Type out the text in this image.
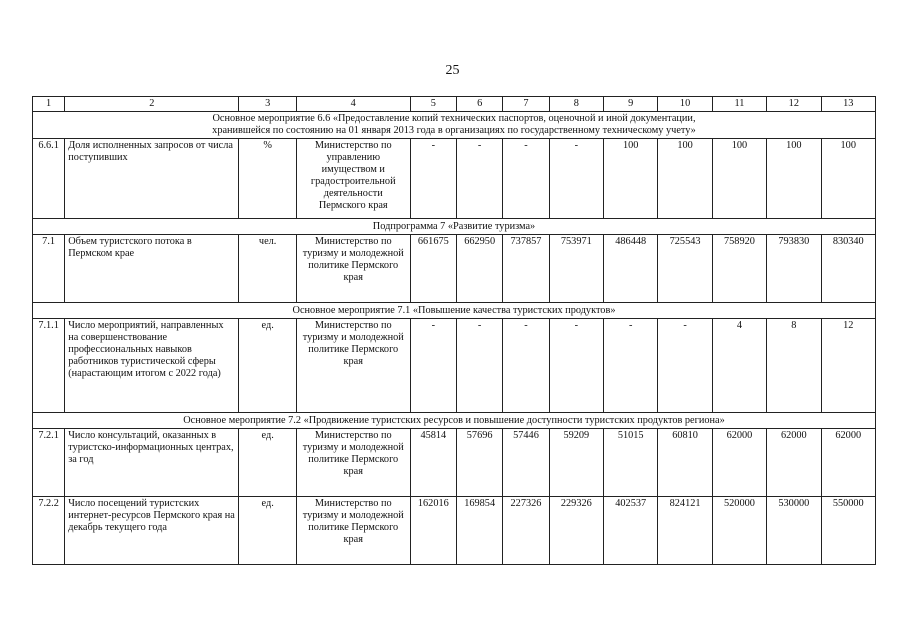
25
1	2	3	4	5	6	7	8	9	10	11	12	13
Основное мероприятие 6.6 «Предоставление копий технических паспортов, оценочной и иной документации, хранившейся по состоянию на 01 января 2013 года в организациях по государственному техническому учету»												
6.6.1	Доля исполненных запросов от числа поступивших	%	Министерство по управлению имуществом и градостроительной деятельности Пермского края	-	-	-	-	100	100	100	100	100
Подпрограмма 7 «Развитие туризма»												
7.1	Объем туристского потока в Пермском крае	чел.	Министерство по туризму и молодежной политике Пермского края	661675	662950	737857	753971	486448	725543	758920	793830	830340
Основное мероприятие 7.1 «Повышение качества туристских продуктов»												
7.1.1	Число мероприятий, направленных на совершенствование профессиональных навыков работников туристической сферы (нарастающим итогом с 2022 года)	ед.	Министерство по туризму и молодежной политике Пермского края	-	-	-	-	-	-	4	8	12
Основное мероприятие 7.2 «Продвижение туристских ресурсов и повышение доступности туристских продуктов региона»												
7.2.1	Число консультаций, оказанных в туристско-информационных центрах, за год	ед.	Министерство по туризму и молодежной политике Пермского края	45814	57696	57446	59209	51015	60810	62000	62000	62000
7.2.2	Число посещений туристских интернет-ресурсов Пермского края на декабрь текущего года	ед.	Министерство по туризму и молодежной политике Пермского края	162016	169854	227326	229326	402537	824121	520000	530000	550000
